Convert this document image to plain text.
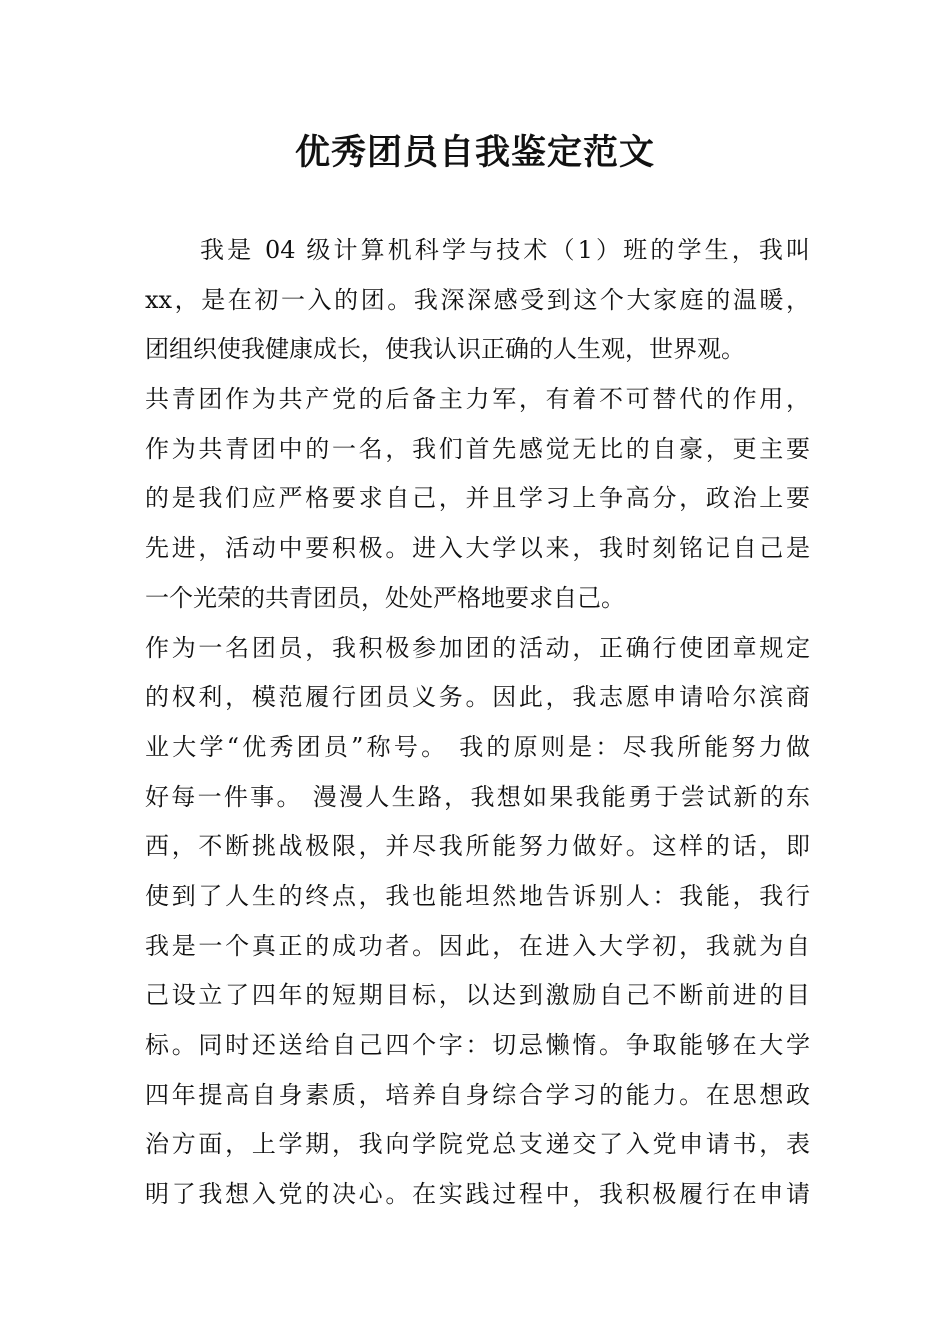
优秀团员自我鉴定范文
我是 04 级计算机科学与技术（1）班的学生，我叫
xx，是在初一入的团。我深深感受到这个大家庭的温暖，
团组织使我健康成长，使我认识正确的人生观，世界观。
共青团作为共产党的后备主力军，有着不可替代的作用，
作为共青团中的一名，我们首先感觉无比的自豪，更主要
的是我们应严格要求自己，并且学习上争高分，政治上要
先进，活动中要积极。进入大学以来，我时刻铭记自己是
一个光荣的共青团员，处处严格地要求自己。
作为一名团员，我积极参加团的活动，正确行使团章规定
的权利，模范履行团员义务。因此，我志愿申请哈尔滨商
业大学“优秀团员”称号。 我的原则是：尽我所能努力做
好每一件事。 漫漫人生路，我想如果我能勇于尝试新的东
西，不断挑战极限，并尽我所能努力做好。这样的话，即
使到了人生的终点，我也能坦然地告诉别人：我能，我行
我是一个真正的成功者。因此，在进入大学初，我就为自
己设立了四年的短期目标，以达到激励自己不断前进的目
标。同时还送给自己四个字：切忌懒惰。争取能够在大学
四年提高自身素质，培养自身综合学习的能力。在思想政
治方面，上学期，我向学院党总支递交了入党申请书，表
明了我想入党的决心。在实践过程中，我积极履行在申请
